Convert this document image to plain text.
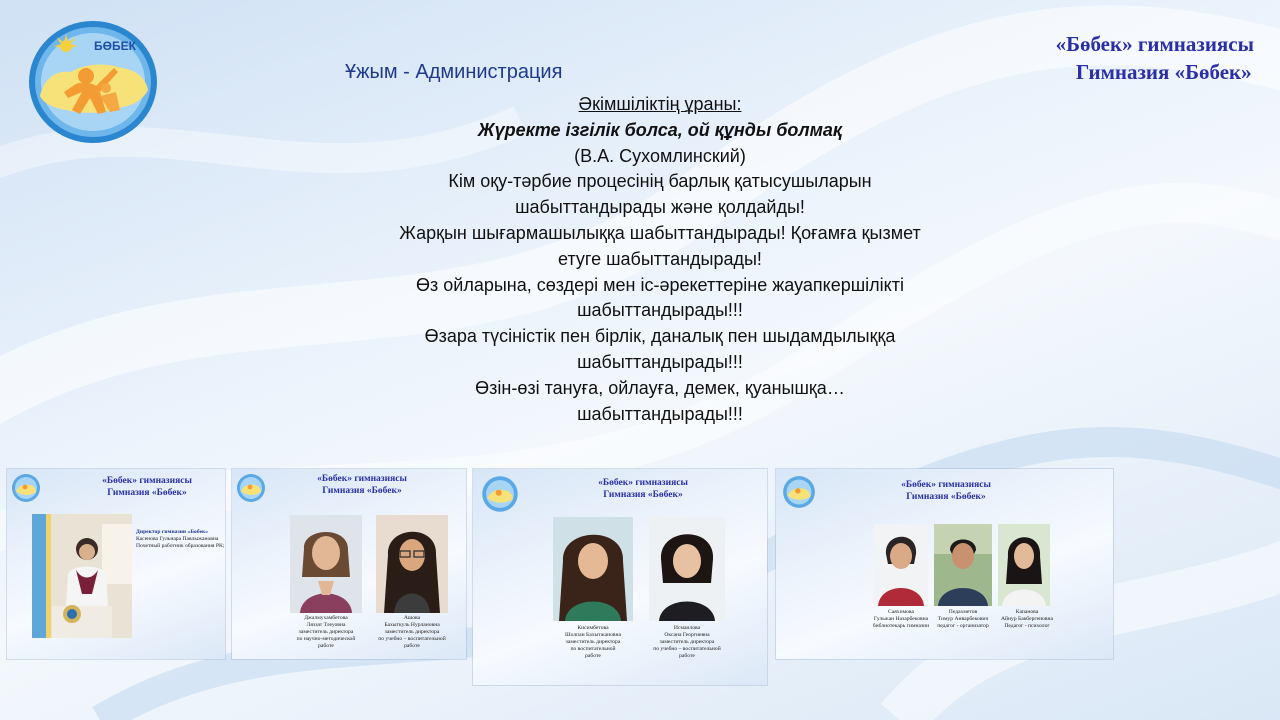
БӨБЕК	«Бөбек» гимназиясы
Гимназия «Бөбек»
Ұжым - Администрация
Әкімшіліктің ұраны:
Жүректе ізгілік болса, ой құнды болмақ
(В.А. Сухомлинский)
Кім оқу-тәрбие процесінің барлық қатысушыларын
шабыттандырады және қолдайды!
Жарқын шығармашылыққа шабыттандырады! Қоғамға қызмет
етуге шабыттандырады!
Өз ойларына, сөздері мен іс-әрекеттеріне жауапкершілікті
шабыттандырады!!!
Өзара түсіністік пен бірлік, даналық пен шыдамдылыққа
шабыттандырады!!!
Өзін-өзі тануға, ойлауға, демек, қуанышқа…
шабыттандырады!!!
«Бөбек» гимназиясы
Гимназия «Бөбек»
Директор гимназии «Бөбек»
Касенова Гульнара Павлыжановна
Почетный работник образования РК;
«Бөбек» гимназиясы
Гимназия «Бөбек»
Джалмухамбетова
Ляззат Тлеуовна
заместитель директора
по научно-методической
работе
Ашова
Бахыткуль Нурлановна
заместитель директора
по учебно – воспитательной
работе
«Бөбек» гимназиясы
Гимназия «Бөбек»
Кисимбетова
Шолпан Бахытжановна
заместитель директора
по воспитательной
работе
Исмаилова
Оксана Георгиевна
заместитель директора
по учебно – воспитательной
работе
«Бөбек» гимназиясы
Гимназия «Бөбек»
Саяхимова
Гульжан Назарбековна
библиотекарь гимназии
Педахметов
Тимур Анварбекович
педагог - организатор
Капанова
Айнур Бакбергеновна
Педагог - психолог
